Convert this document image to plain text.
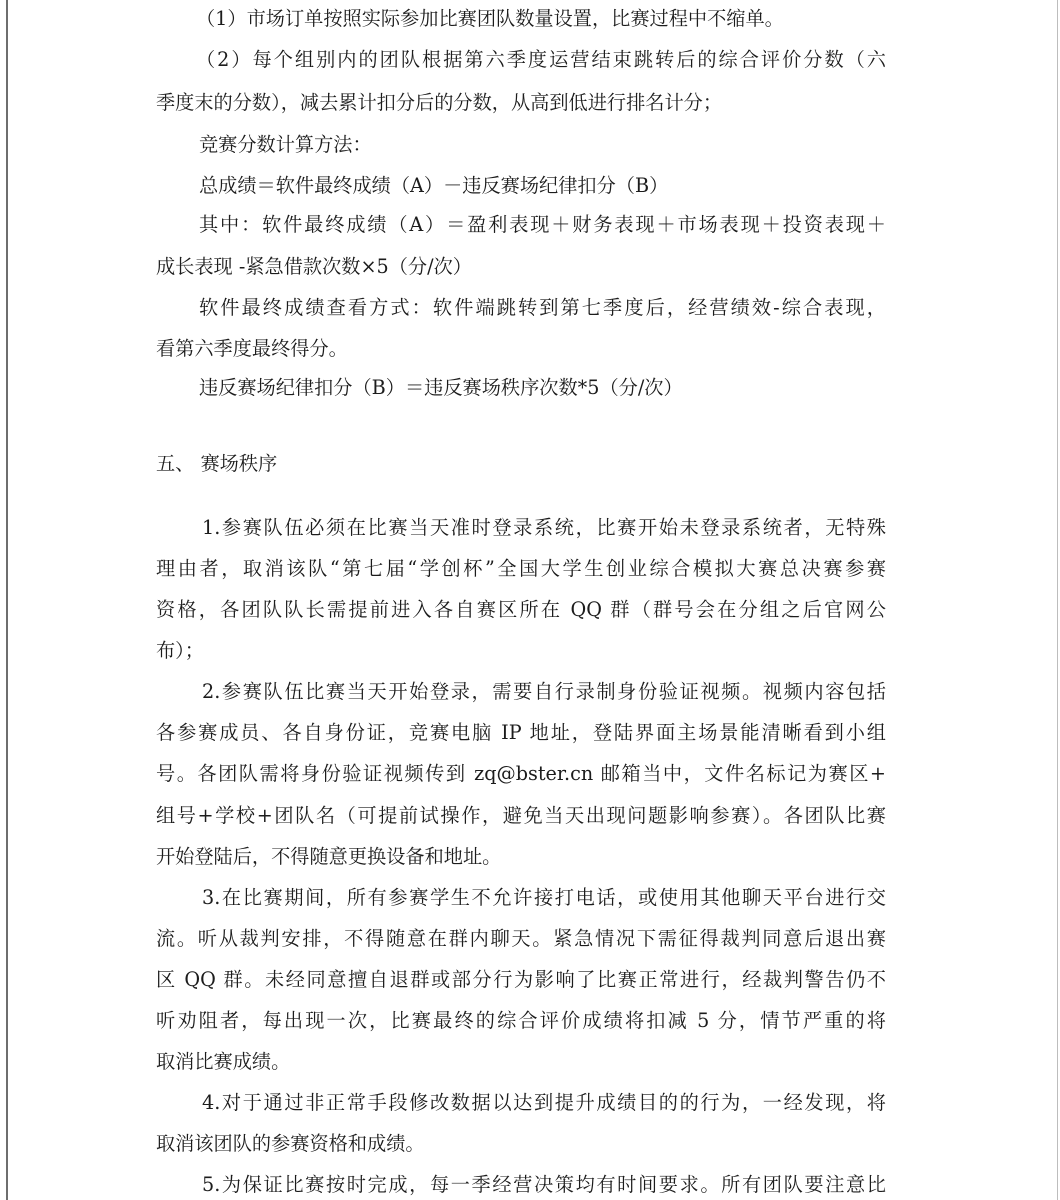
（1）市场订单按照实际参加比赛团队数量设置，比赛过程中不缩单。
（2）每个组别内的团队根据第六季度运营结束跳转后的综合评价分数（六
季度末的分数），减去累计扣分后的分数，从高到低进行排名计分；
竞赛分数计算方法：
总成绩＝软件最终成绩（A）－违反赛场纪律扣分（B）
其中：软件最终成绩（A）＝盈利表现＋财务表现＋市场表现＋投资表现＋
成长表现 -紧急借款次数×5（分/次）
软件最终成绩查看方式：软件端跳转到第七季度后，经营绩效-综合表现，
看第六季度最终得分。
违反赛场纪律扣分（B）＝违反赛场秩序次数*5（分/次）
五、 赛场秩序
1.参赛队伍必须在比赛当天准时登录系统，比赛开始未登录系统者，无特殊
理由者，取消该队“第七届“学创杯”全国大学生创业综合模拟大赛总决赛参赛
资格，各团队队长需提前进入各自赛区所在 QQ 群（群号会在分组之后官网公
布）；
2.参赛队伍比赛当天开始登录，需要自行录制身份验证视频。视频内容包括
各参赛成员、各自身份证，竞赛电脑 IP 地址，登陆界面主场景能清晰看到小组
号。各团队需将身份验证视频传到 zq@bster.cn 邮箱当中，文件名标记为赛区+
组号+学校+团队名（可提前试操作，避免当天出现问题影响参赛）。各团队比赛
开始登陆后，不得随意更换设备和地址。
3.在比赛期间，所有参赛学生不允许接打电话，或使用其他聊天平台进行交
流。听从裁判安排，不得随意在群内聊天。紧急情况下需征得裁判同意后退出赛
区 QQ 群。未经同意擅自退群或部分行为影响了比赛正常进行，经裁判警告仍不
听劝阻者，每出现一次，比赛最终的综合评价成绩将扣减 5 分，情节严重的将
取消比赛成绩。
4.对于通过非正常手段修改数据以达到提升成绩目的的行为，一经发现，将
取消该团队的参赛资格和成绩。
5.为保证比赛按时完成，每一季经营决策均有时间要求。所有团队要注意比
